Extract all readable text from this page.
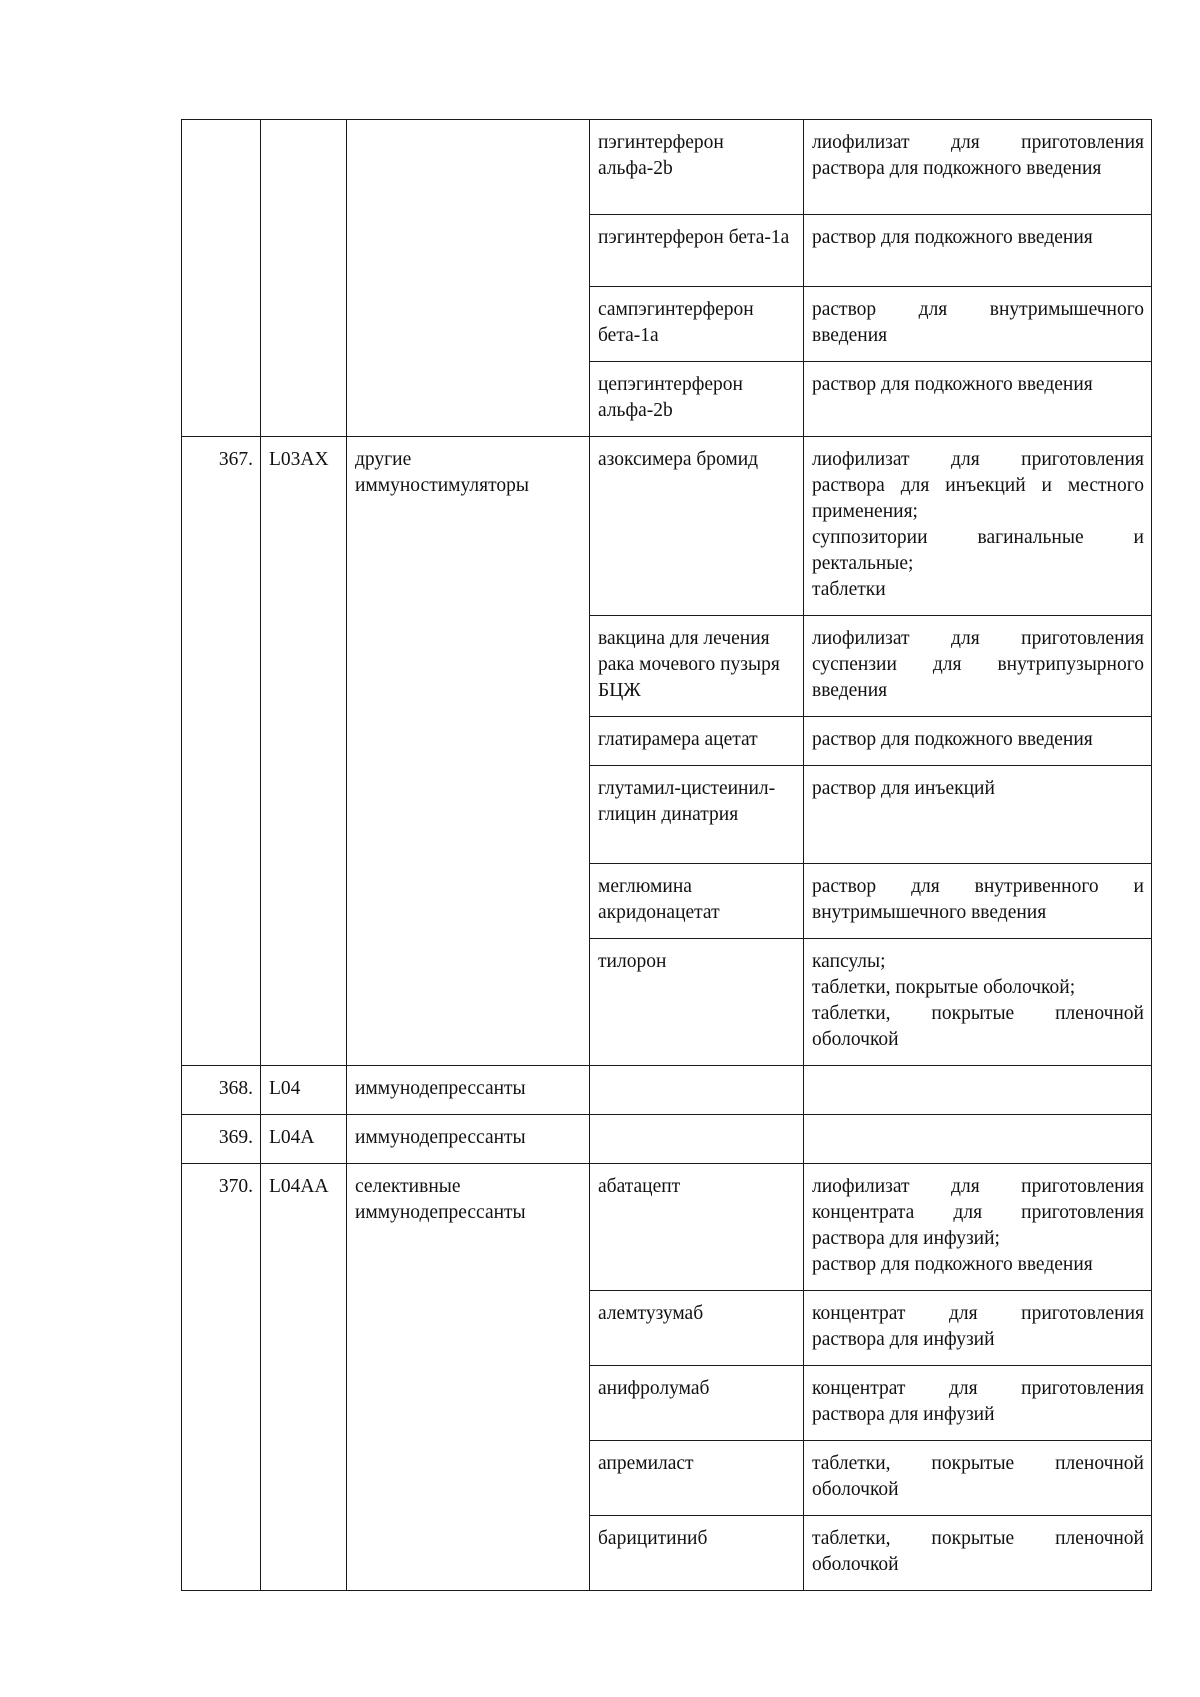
			пэгинтерферон альфа-2b	лиофилизат для приготовления раствора для подкожного введения

			пэгинтерферон бета-1a	раствор для подкожного введения

			сампэгинтерферон бета-1a	раствор для внутримышечного введения

			цепэгинтерферон альфа-2b	раствор для подкожного введения

367.	L03AX	другие иммуностимуляторы	азоксимера бромид	лиофилизат для приготовления раствора для инъекций и местного применения;
суппозитории вагинальные и ректальные;
таблетки

			вакцина для лечения рака мочевого пузыря БЦЖ	лиофилизат для приготовления суспензии для внутрипузырного введения

			глатирамера ацетат	раствор для подкожного введения

			глутамил-цистеинил-глицин динатрия	раствор для инъекций

			меглюмина акридонацетат	раствор для внутривенного и внутримышечного введения

			тилорон	капсулы;
таблетки, покрытые оболочкой;
таблетки, покрытые пленочной оболочкой

368.	L04	иммунодепрессанты		
369.	L04A	иммунодепрессанты		
370.	L04AA	селективные иммунодепрессанты	абатацепт	лиофилизат для приготовления концентрата для приготовления раствора для инфузий;
раствор для подкожного введения

			алемтузумаб	концентрат для приготовления раствора для инфузий

			анифролумаб	концентрат для приготовления раствора для инфузий

			апремиласт	таблетки, покрытые пленочной оболочкой

			барицитиниб	таблетки, покрытые пленочной оболочкой
